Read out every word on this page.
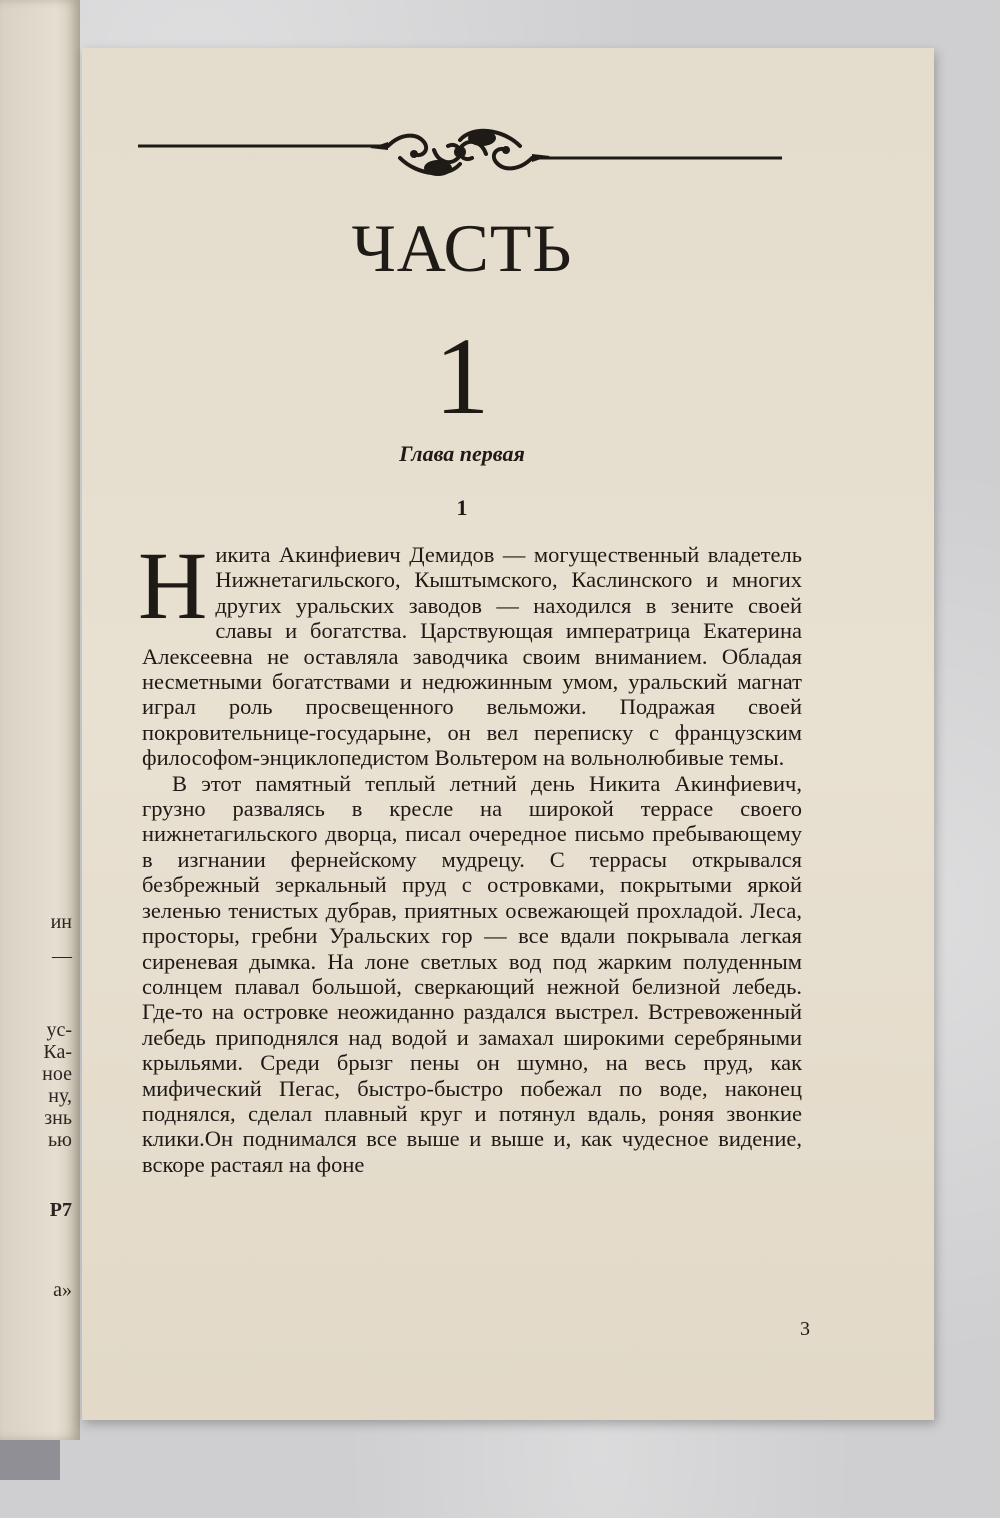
ин
—
ус-
Ка-
ное
ну,
знь
ью
Р7
а»
ЧАСТЬ
1
Глава первая
1

Никита Акинфиевич Демидов — могущественный владетель Нижнетагильского, Кыштымского, Каслинского и многих других уральских заводов — находился в зените своей славы и богатства. Царствующая императрица Екатерина Алексеевна не оставляла заводчика своим вниманием. Обладая несметными богатствами и недюжинным умом, уральский магнат играл роль просвещенного вельможи. Подражая своей покровительнице-государыне, он вел переписку с французским философом-энциклопедистом Вольтером на вольнолюбивые темы.

В этот памятный теплый летний день Никита Акинфиевич, грузно развалясь в кресле на широкой террасе своего нижнетагильского дворца, писал очередное письмо пребывающему в изгнании фернейскому мудрецу. С террасы открывался безбрежный зеркальный пруд с островками, покрытыми яркой зеленью тенистых дубрав, приятных освежающей прохладой. Леса, просторы, гребни Уральских гор — все вдали покрывала легкая сиреневая дымка. На лоне светлых вод под жарким полуденным солнцем плавал большой, сверкающий нежной белизной лебедь. Где-то на островке неожиданно раздался выстрел. Встревоженный лебедь приподнялся над водой и замахал широкими серебряными крыльями. Среди брызг пены он шумно, на весь пруд, как мифический Пегас, быстро-быстро побежал по воде, наконец поднялся, сделал плавный круг и потянул вдаль, роняя звонкие клики.Он поднимался все выше и выше и, как чудесное видение, вскоре растаял на фоне

3
